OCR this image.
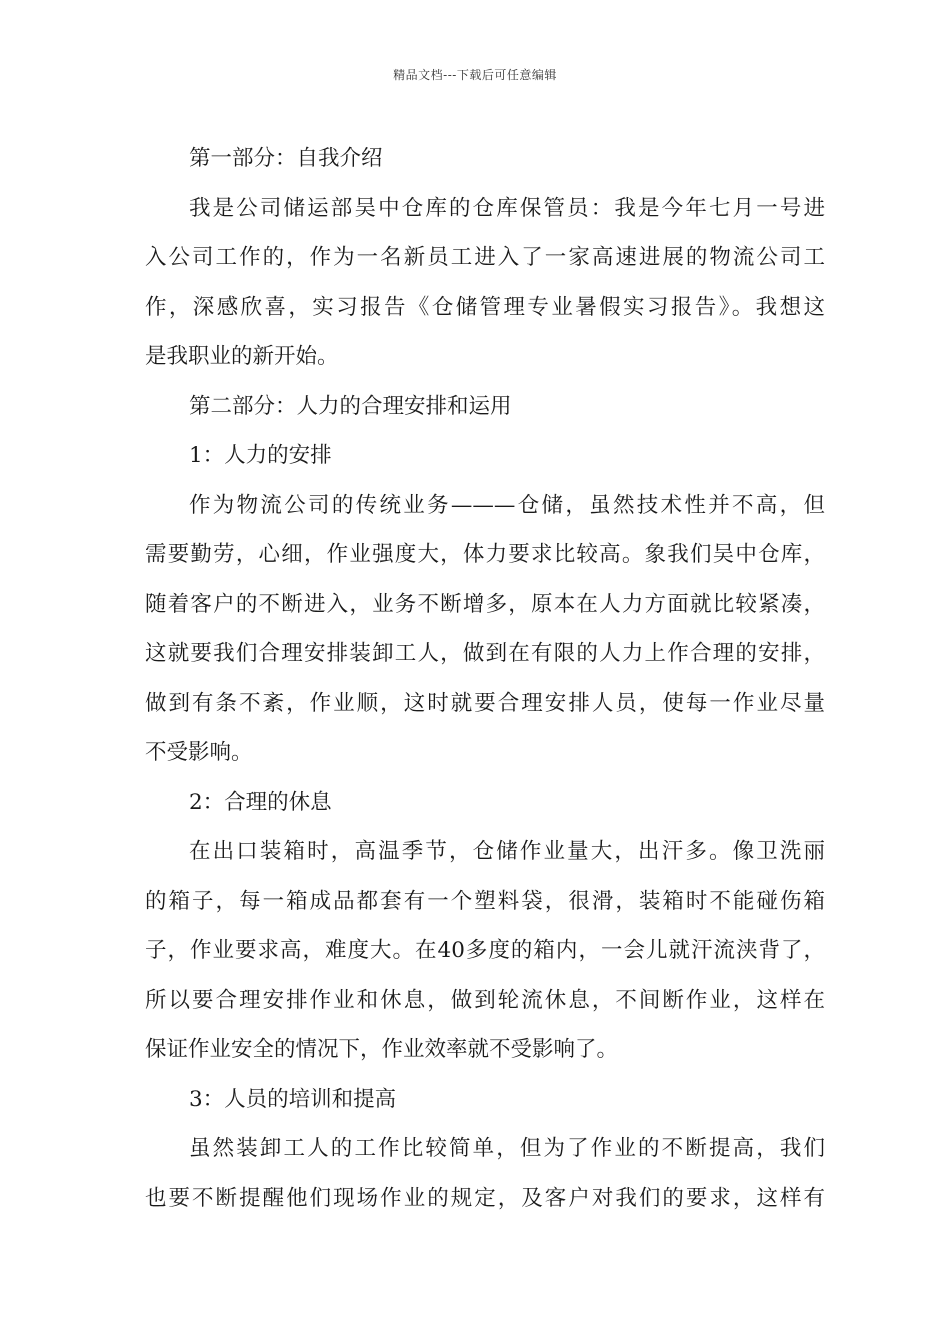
精品文档---下载后可任意编辑
第一部分：自我介绍
我是公司储运部吴中仓库的仓库保管员：我是今年七月一号进
入公司工作的，作为一名新员工进入了一家高速进展的物流公司工
作，深感欣喜，实习报告《仓储管理专业暑假实习报告》。我想这
是我职业的新开始。
第二部分：人力的合理安排和运用
1：人力的安排
作为物流公司的传统业务———仓储，虽然技术性并不高，但
需要勤劳，心细，作业强度大，体力要求比较高。象我们吴中仓库，
随着客户的不断进入，业务不断增多，原本在人力方面就比较紧凑，
这就要我们合理安排装卸工人，做到在有限的人力上作合理的安排，
做到有条不紊，作业顺，这时就要合理安排人员，使每一作业尽量
不受影响。
2：合理的休息
在出口装箱时，高温季节，仓储作业量大，出汗多。像卫洗丽
的箱子，每一箱成品都套有一个塑料袋，很滑，装箱时不能碰伤箱
子，作业要求高，难度大。在40多度的箱内，一会儿就汗流浃背了，
所以要合理安排作业和休息，做到轮流休息，不间断作业，这样在
保证作业安全的情况下，作业效率就不受影响了。
3：人员的培训和提高
虽然装卸工人的工作比较简单，但为了作业的不断提高，我们
也要不断提醒他们现场作业的规定，及客户对我们的要求，这样有
